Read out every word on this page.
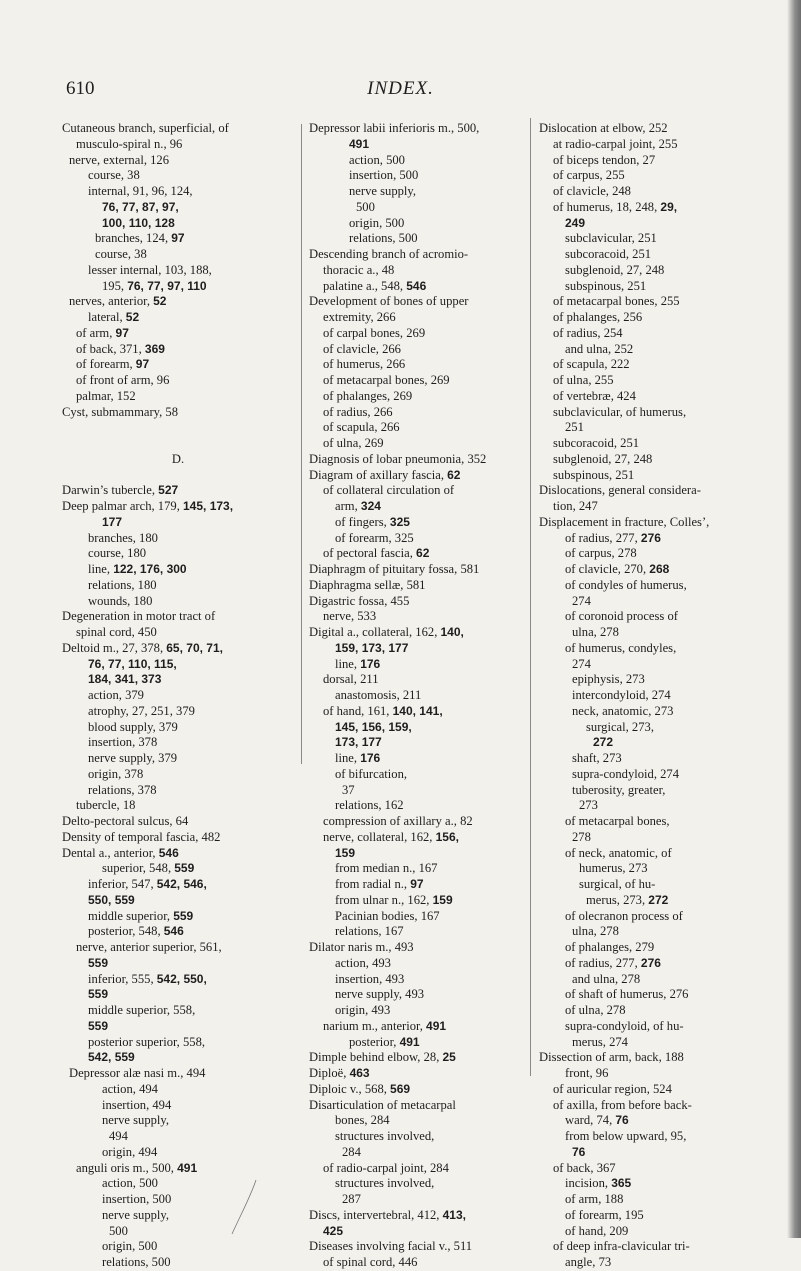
610	INDEX.
Cutaneous branch, superficial, of
musculo-spiral n., 96
nerve, external, 126
course, 38
internal, 91, 96, 124,
76, 77, 87, 97,
100, 110, 128
branches, 124, 97
course, 38
lesser internal, 103, 188,
195, 76, 77, 97, 110
nerves, anterior, 52
lateral, 52
of arm, 97
of back, 371, 369
of forearm, 97
of front of arm, 96
palmar, 152
Cyst, submammary, 58

D.

Darwin’s tubercle, 527
Deep palmar arch, 179, 145, 173,
177
branches, 180
course, 180
line, 122, 176, 300
relations, 180
wounds, 180
Degeneration in motor tract of
spinal cord, 450
Deltoid m., 27, 378, 65, 70, 71,
76, 77, 110, 115,
184, 341, 373
action, 379
atrophy, 27, 251, 379
blood supply, 379
insertion, 378
nerve supply, 379
origin, 378
relations, 378
tubercle, 18
Delto-pectoral sulcus, 64
Density of temporal fascia, 482
Dental a., anterior, 546
superior, 548, 559
inferior, 547, 542, 546,
550, 559
middle superior, 559
posterior, 548, 546
nerve, anterior superior, 561,
559
inferior, 555, 542, 550,
559
middle superior, 558,
559
posterior superior, 558,
542, 559
Depressor alæ nasi m., 494
action, 494
insertion, 494
nerve supply,
494
origin, 494
anguli oris m., 500, 491
action, 500
insertion, 500
nerve supply,
500
origin, 500
relations, 500
Depressor labii inferioris m., 500,
491
action, 500
insertion, 500
nerve supply,
500
origin, 500
relations, 500
Descending branch of acromio-
thoracic a., 48
palatine a., 548, 546
Development of bones of upper
extremity, 266
of carpal bones, 269
of clavicle, 266
of humerus, 266
of metacarpal bones, 269
of phalanges, 269
of radius, 266
of scapula, 266
of ulna, 269
Diagnosis of lobar pneumonia, 352
Diagram of axillary fascia, 62
of collateral circulation of
arm, 324
of fingers, 325
of forearm, 325
of pectoral fascia, 62
Diaphragm of pituitary fossa, 581
Diaphragma sellæ, 581
Digastric fossa, 455
nerve, 533
Digital a., collateral, 162, 140,
159, 173, 177
line, 176
dorsal, 211
anastomosis, 211
of hand, 161, 140, 141,
145, 156, 159,
173, 177
line, 176
of bifurcation,
37
relations, 162
compression of axillary a., 82
nerve, collateral, 162, 156,
159
from median n., 167
from radial n., 97
from ulnar n., 162, 159
Pacinian bodies, 167
relations, 167
Dilator naris m., 493
action, 493
insertion, 493
nerve supply, 493
origin, 493
narium m., anterior, 491
posterior, 491
Dimple behind elbow, 28, 25
Diploë, 463
Diploic v., 568, 569
Disarticulation of metacarpal
bones, 284
structures involved,
284
of radio-carpal joint, 284
structures involved,
287
Discs, intervertebral, 412, 413,
425
Diseases involving facial v., 511
of spinal cord, 446
Dislocation at elbow, 252
at radio-carpal joint, 255
of biceps tendon, 27
of carpus, 255
of clavicle, 248
of humerus, 18, 248, 29,
249
subclavicular, 251
subcoracoid, 251
subglenoid, 27, 248
subspinous, 251
of metacarpal bones, 255
of phalanges, 256
of radius, 254
and ulna, 252
of scapula, 222
of ulna, 255
of vertebræ, 424
subclavicular, of humerus,
251
subcoracoid, 251
subglenoid, 27, 248
subspinous, 251
Dislocations, general considera-
tion, 247
Displacement in fracture, Colles’,
of radius, 277, 276
of carpus, 278
of clavicle, 270, 268
of condyles of humerus,
274
of coronoid process of
ulna, 278
of humerus, condyles,
274
epiphysis, 273
intercondyloid, 274
neck, anatomic, 273
surgical, 273,
272
shaft, 273
supra-condyloid, 274
tuberosity, greater,
273
of metacarpal bones,
278
of neck, anatomic, of
humerus, 273
surgical, of hu-
merus, 273, 272
of olecranon process of
ulna, 278
of phalanges, 279
of radius, 277, 276
and ulna, 278
of shaft of humerus, 276
of ulna, 278
supra-condyloid, of hu-
merus, 274
Dissection of arm, back, 188
front, 96
of auricular region, 524
of axilla, from before back-
ward, 74, 76
from below upward, 95,
76
of back, 367
incision, 365
of arm, 188
of forearm, 195
of hand, 209
of deep infra-clavicular tri-
angle, 73
